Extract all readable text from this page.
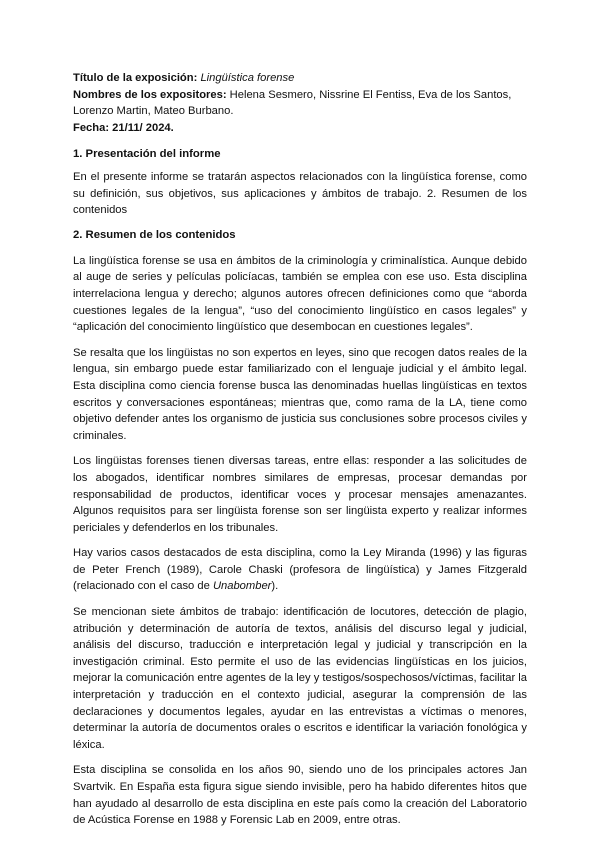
Título de la exposición: Lingüística forense
Nombres de los expositores: Helena Sesmero, Nissrine El Fentiss, Eva de los Santos, Lorenzo Martin, Mateo Burbano.
Fecha: 21/11/ 2024.
1. Presentación del informe

En el presente informe se tratarán aspectos relacionados con la lingüística forense, como su definición, sus objetivos, sus aplicaciones y ámbitos de trabajo. 2. Resumen de los contenidos

2. Resumen de los contenidos

La lingüística forense se usa en ámbitos de la criminología y criminalística. Aunque debido al auge de series y películas policíacas, también se emplea con ese uso. Esta disciplina interrelaciona lengua y derecho; algunos autores ofrecen definiciones como que “aborda cuestiones legales de la lengua”, “uso del conocimiento lingüístico en casos legales” y “aplicación del conocimiento lingüístico que desembocan en cuestiones legales”.

Se resalta que los lingüistas no son expertos en leyes, sino que recogen datos reales de la lengua, sin embargo puede estar familiarizado con el lenguaje judicial y el ámbito legal. Esta disciplina como ciencia forense busca las denominadas huellas lingüísticas en textos escritos y conversaciones espontáneas; mientras que, como rama de la LA, tiene como objetivo defender antes los organismo de justicia sus conclusiones sobre procesos civiles y criminales.

Los lingüistas forenses tienen diversas tareas, entre ellas: responder a las solicitudes de los abogados, identificar nombres similares de empresas, procesar demandas por responsabilidad de productos, identificar voces y procesar mensajes amenazantes. Algunos requisitos para ser lingüista forense son ser lingüista experto y realizar informes periciales y defenderlos en los tribunales.

Hay varios casos destacados de esta disciplina, como la Ley Miranda (1996) y las figuras de Peter French (1989), Carole Chaski (profesora de lingüística) y James Fitzgerald (relacionado con el caso de Unabomber).

Se mencionan siete ámbitos de trabajo: identificación de locutores, detección de plagio, atribución y determinación de autoría de textos, análisis del discurso legal y judicial, análisis del discurso, traducción e interpretación legal y judicial y transcripción en la investigación criminal. Esto permite el uso de las evidencias lingüísticas en los juicios, mejorar la comunicación entre agentes de la ley y testigos/sospechosos/víctimas, facilitar la interpretación y traducción en el contexto judicial, asegurar la comprensión de las declaraciones y documentos legales, ayudar en las entrevistas a víctimas o menores, determinar la autoría de documentos orales o escritos e identificar la variación fonológica y léxica.

Esta disciplina se consolida en los años 90, siendo uno de los principales actores Jan Svartvik. En España esta figura sigue siendo invisible, pero ha habido diferentes hitos que han ayudado al desarrollo de esta disciplina en este país como la creación del Laboratorio de Acústica Forense en 1988 y Forensic Lab en 2009, entre otras.
